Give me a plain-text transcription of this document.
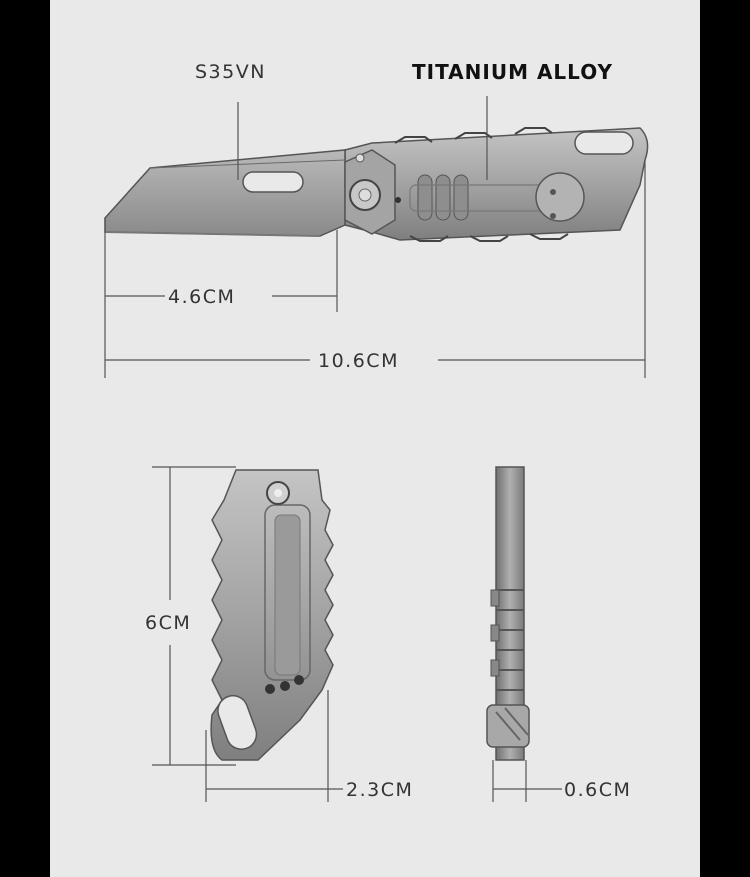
S35VN	TITANIUM ALLOY
4.6CM
10.6CM
6CM
2.3CM	0.6CM
